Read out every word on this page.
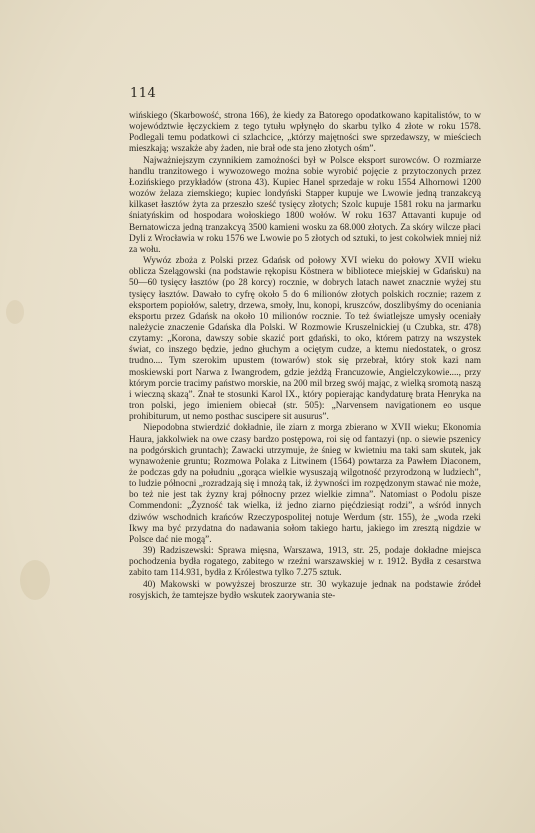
114

wińskiego (Skarbowość, strona 166), że kiedy za Batorego opodatkowano kapitalistów, to w województwie łęczyckiem z tego tytułu wpłynęło do skarbu tylko 4 złote w roku 1578. Podlegali temu podatkowi ci szlachcice, „którzy majętności swe sprzedawszy, w mieściech mieszkają; wszakże aby żaden, nie brał ode sta jeno złotych ośm”.

Najważniejszym czynnikiem zamożności był w Polsce eksport surowców. O rozmiarze handlu tranzitowego i wywozowego można sobie wyrobić pojęcie z przytoczonych przez Łozińskiego przykładów (strona 43). Kupiec Hanel sprzedaje w roku 1554 Alhornowi 1200 wozów żelaza ziemskiego; kupiec londyński Stapper kupuje we Lwowie jedną tranzakcyą kilkaset łasztów żyta za przeszło sześć tysięcy złotych; Szolc kupuje 1581 roku na jarmarku śniatyńskim od hospodara wołoskiego 1800 wołów. W roku 1637 Attavanti kupuje od Bernatowicza jedną tranzakcyą 3500 kamieni wosku za 68.000 złotych. Za skóry wilcze płaci Dyli z Wrocławia w roku 1576 we Lwowie po 5 złotych od sztuki, to jest cokolwiek mniej niż za wołu.

Wywóz zboża z Polski przez Gdańsk od połowy XVI wieku do połowy XVII wieku oblicza Szelągowski (na podstawie rękopisu Köstnera w bibliotece miejskiej w Gdańsku) na 50—60 tysięcy łasztów (po 28 korcy) rocznie, w dobrych latach nawet znacznie wyżej stu tysięcy łasztów. Dawało to cyfrę około 5 do 6 milionów złotych polskich rocznie; razem z eksportem popiołów, saletry, drzewa, smoły, lnu, konopi, kruszców, doszlibyśmy do oceniania eksportu przez Gdańsk na około 10 milionów rocznie. To też światlejsze umysły oceniały należycie znaczenie Gdańska dla Polski. W Rozmowie Kruszelnickiej (u Czubka, str. 478) czytamy: „Korona, dawszy sobie skazić port gdański, to oko, którem patrzy na wszystek świat, co inszego będzie, jedno głuchym a ociętym cudze, a ktemu niedostatek, o grosz trudno.... Tym szerokim upustem (towarów) stok się przebrał, który stok kazi nam moskiewski port Narwa z Iwangrodem, gdzie jeżdżą Francuzowie, Angielczykowie...., przy którym porcie tracimy państwo morskie, na 200 mil brzeg swój mając, z wielką sromotą naszą i wieczną skazą”. Znał te stosunki Karol IX., który popierając kandydaturę brata Henryka na tron polski, jego imieniem obiecał (str. 505): „Narvensem navigationem eo usque prohibiturum, ut nemo posthac suscipere sit ausurus”.

Niepodobna stwierdzić dokładnie, ile ziarn z morga zbierano w XVII wieku; Ekonomia Haura, jakkolwiek na owe czasy bardzo postępowa, roi się od fantazyi (np. o siewie pszenicy na podgórskich gruntach); Zawacki utrzymuje, że śnieg w kwietniu ma taki sam skutek, jak wynawożenie gruntu; Rozmowa Polaka z Litwinem (1564) powtarza za Pawłem Diaconem, że podczas gdy na południu „gorąca wielkie wysuszają wilgotność przyrodzoną w ludziech”, to ludzie północni „rozradzają się i mnożą tak, iż żywności im rozpędzonym stawać nie może, bo też nie jest tak żyzny kraj północny przez wielkie zimna”. Natomiast o Podolu pisze Commendoni: „Żyzność tak wielka, iż jedno ziarno pięćdziesiąt rodzi”, a wśród innych dziwów wschodnich krańców Rzeczypospolitej notuje Werdum (str. 155), że „woda rzeki Ikwy ma być przydatna do nadawania sołom takiego hartu, jakiego im zresztą nigdzie w Polsce dać nie mogą”.

39) Radziszewski: Sprawa mięsna, Warszawa, 1913, str. 25, podaje dokładne miejsca pochodzenia bydła rogatego, zabitego w rzeźni warszawskiej w r. 1912. Bydła z cesarstwa zabito tam 114.931, bydła z Królestwa tylko 7.275 sztuk.

40) Makowski w powyższej broszurze str. 30 wykazuje jednak na podstawie źródeł rosyjskich, że tamtejsze bydło wskutek zaorywania ste-
